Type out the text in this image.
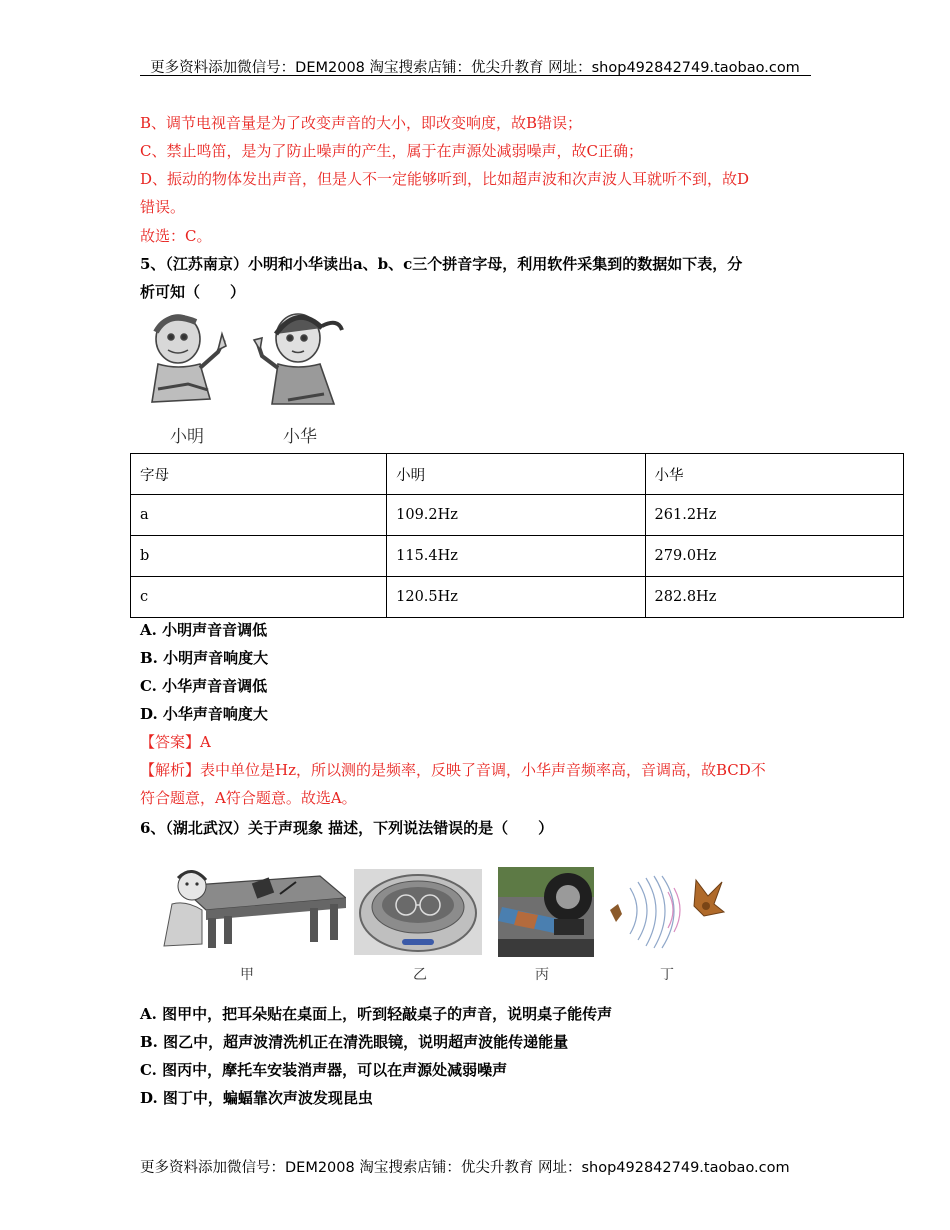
更多资料添加微信号：DEM2008 淘宝搜索店铺：优尖升教育 网址：shop492842749.taobao.com
B、调节电视音量是为了改变声音的大小，即改变响度，故B错误；
C、禁止鸣笛，是为了防止噪声的产生，属于在声源处减弱噪声，故C正确；
D、振动的物体发出声音，但是人不一定能够听到，比如超声波和次声波人耳就听不到，故D
错误。
故选：C。
5、（江苏南京）小明和小华读出a、b、c三个拼音字母，利用软件采集到的数据如下表，分
析可知（　　）
小明	小华
字母	小明	小华
a	109.2Hz	261.2Hz
b	115.4Hz	279.0Hz
c	120.5Hz	282.8Hz
A. 小明声音音调低
B. 小明声音响度大
C. 小华声音音调低
D. 小华声音响度大
【答案】A
【解析】表中单位是Hz，所以测的是频率，反映了音调，小华声音频率高，音调高，故BCD不
符合题意，A符合题意。故选A。
6、（湖北武汉）关于声现象 描述，下列说法错误的是（　　）
甲	乙	丙	丁
A. 图甲中，把耳朵贴在桌面上，听到轻敲桌子的声音，说明桌子能传声
B. 图乙中，超声波清洗机正在清洗眼镜，说明超声波能传递能量
C. 图丙中，摩托车安装消声器，可以在声源处减弱噪声
D. 图丁中，蝙蝠靠次声波发现昆虫
更多资料添加微信号：DEM2008 淘宝搜索店铺：优尖升教育 网址：shop492842749.taobao.com
